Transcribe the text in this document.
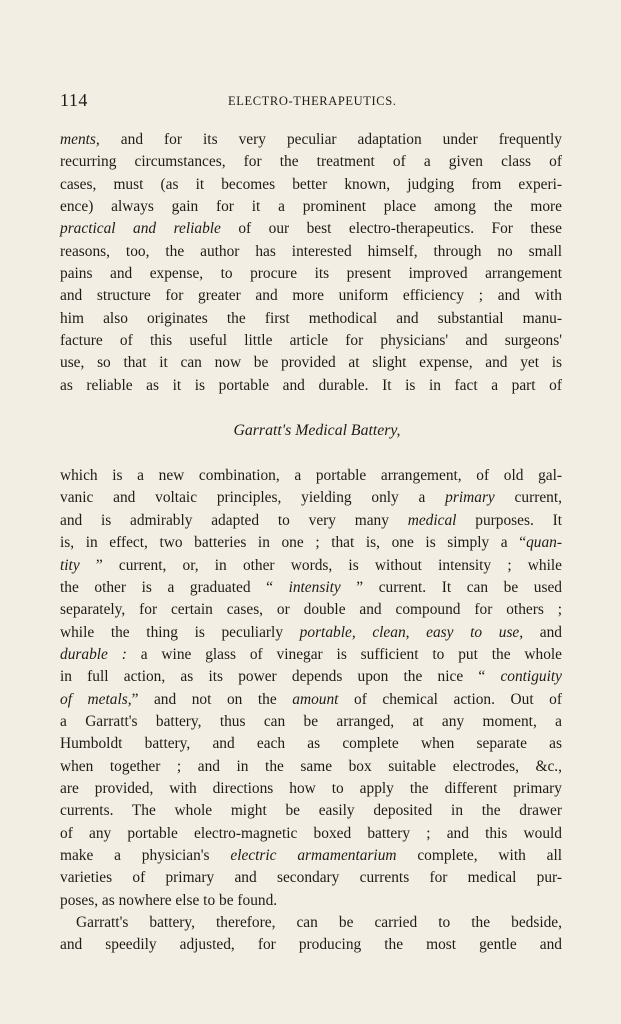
114	ELECTRO-THERAPEUTICS.
ments, and for its very peculiar adaptation under frequently
recurring circumstances, for the treatment of a given class of
cases, must (as it becomes better known, judging from experi-
ence) always gain for it a prominent place among the more
practical and reliable of our best electro-therapeutics. For these
reasons, too, the author has interested himself, through no small
pains and expense, to procure its present improved arrangement
and structure for greater and more uniform efficiency ; and with
him also originates the first methodical and substantial manu-
facture of this useful little article for physicians' and surgeons'
use, so that it can now be provided at slight expense, and yet is
as reliable as it is portable and durable. It is in fact a part of
Garratt's Medical Battery,
which is a new combination, a portable arrangement, of old gal-
vanic and voltaic principles, yielding only a primary current,
and is admirably adapted to very many medical purposes. It
is, in effect, two batteries in one ; that is, one is simply a “quan-
tity ” current, or, in other words, is without intensity ; while
the other is a graduated “ intensity ” current. It can be used
separately, for certain cases, or double and compound for others ;
while the thing is peculiarly portable, clean, easy to use, and
durable : a wine glass of vinegar is sufficient to put the whole
in full action, as its power depends upon the nice “ contiguity
of metals,” and not on the amount of chemical action. Out of
a Garratt's battery, thus can be arranged, at any moment, a
Humboldt battery, and each as complete when separate as
when together ; and in the same box suitable electrodes, &c.,
are provided, with directions how to apply the different primary
currents. The whole might be easily deposited in the drawer
of any portable electro-magnetic boxed battery ; and this would
make a physician's electric armamentarium complete, with all
varieties of primary and secondary currents for medical pur-
poses, as nowhere else to be found.
Garratt's battery, therefore, can be carried to the bedside,
and speedily adjusted, for producing the most gentle and
